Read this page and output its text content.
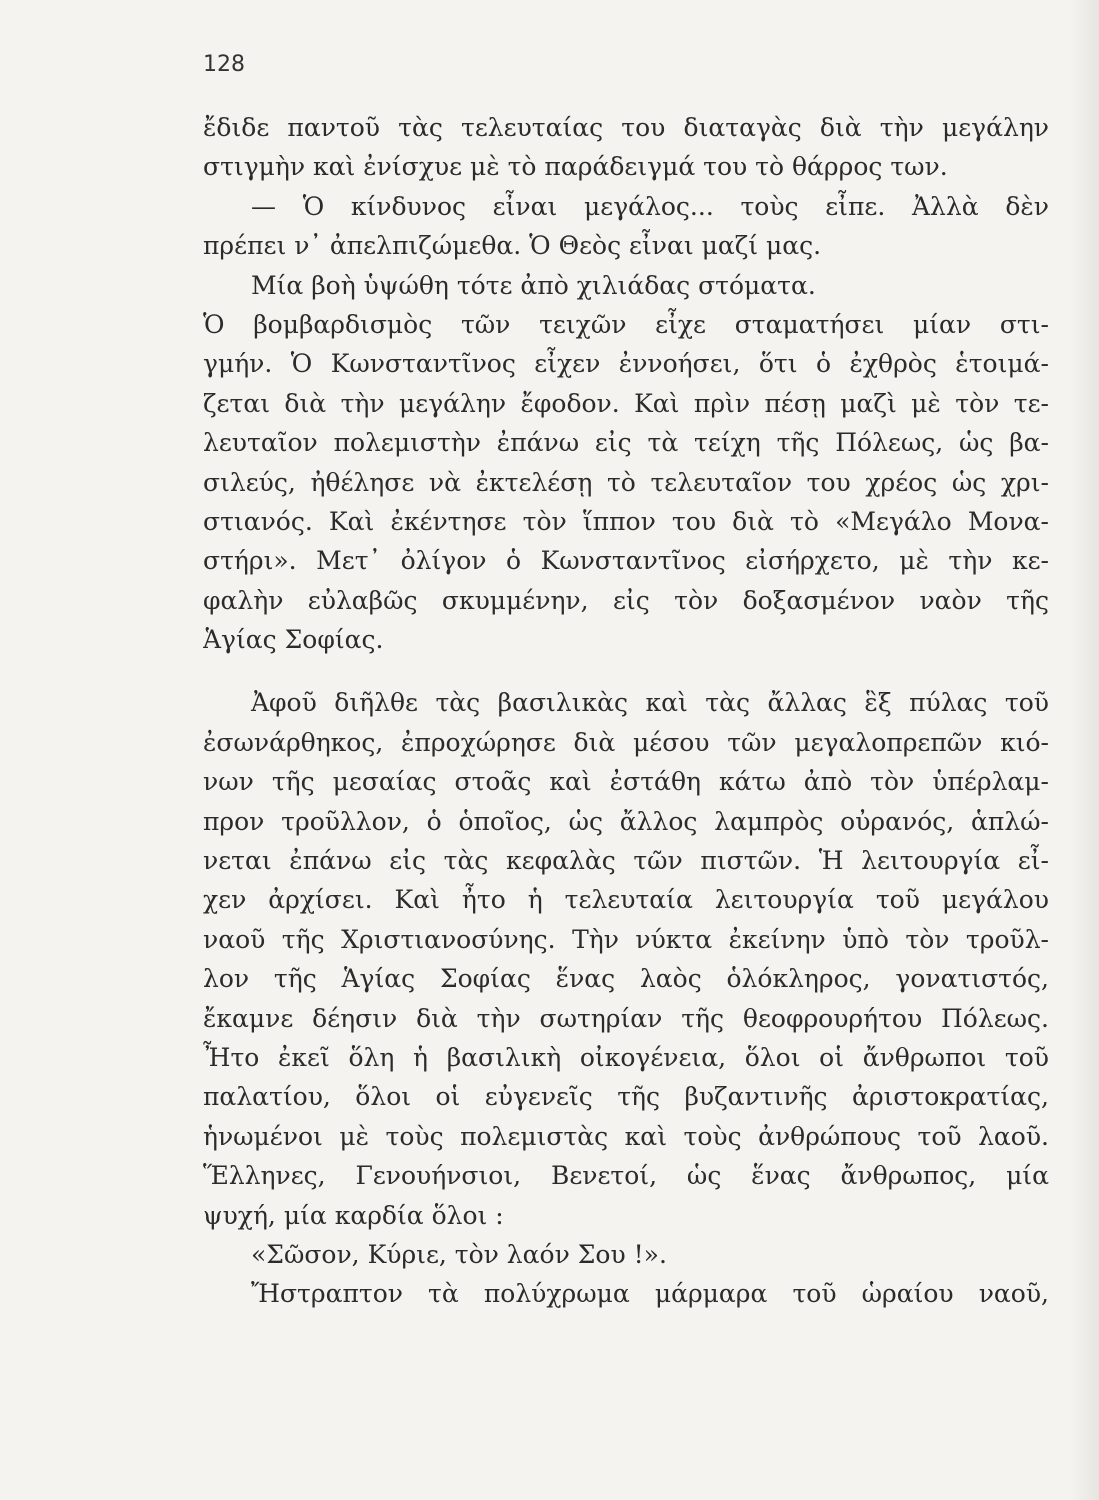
128
ἔδιδε παντοῦ τὰς τελευταίας του διαταγὰς διὰ τὴν μεγάλην
στιγμὴν καὶ ἐνίσχυε μὲ τὸ παράδειγμά του τὸ θάρρος των.
— Ὁ κίνδυνος εἶναι μεγάλος... τοὺς εἶπε. Ἀλλὰ δὲν
πρέπει ν᾿ ἀπελπιζώμεθα. Ὁ Θεὸς εἶναι μαζί μας.
Μία βοὴ ὑψώθη τότε ἀπὸ χιλιάδας στόματα.
Ὁ βομβαρδισμὸς τῶν τειχῶν εἶχε σταματήσει μίαν στι-
γμήν. Ὁ Κωνσταντῖνος εἶχεν ἐννοήσει, ὅτι ὁ ἐχθρὸς ἑτοιμά-
ζεται διὰ τὴν μεγάλην ἔφοδον. Καὶ πρὶν πέσῃ μαζὶ μὲ τὸν τε-
λευταῖον πολεμιστὴν ἐπάνω εἰς τὰ τείχη τῆς Πόλεως, ὡς βα-
σιλεύς, ἠθέλησε νὰ ἐκτελέσῃ τὸ τελευταῖον του χρέος ὡς χρι-
στιανός. Καὶ ἐκέντησε τὸν ἵππον του διὰ τὸ «Μεγάλο Μονα-
στήρι». Μετ᾿ ὀλίγον ὁ Κωνσταντῖνος εἰσήρχετο, μὲ τὴν κε-
φαλὴν εὐλαβῶς σκυμμένην, εἰς τὸν δοξασμένον ναὸν τῆς
Ἁγίας Σοφίας.
Ἀφοῦ διῆλθε τὰς βασιλικὰς καὶ τὰς ἄλλας ἓξ πύλας τοῦ
ἐσωνάρθηκος, ἐπροχώρησε διὰ μέσου τῶν μεγαλοπρεπῶν κιό-
νων τῆς μεσαίας στοᾶς καὶ ἐστάθη κάτω ἀπὸ τὸν ὑπέρλαμ-
προν τροῦλλον, ὁ ὁποῖος, ὡς ἄλλος λαμπρὸς οὐρανός, ἁπλώ-
νεται ἐπάνω εἰς τὰς κεφαλὰς τῶν πιστῶν. Ἡ λειτουργία εἶ-
χεν ἀρχίσει. Καὶ ἦτο ἡ τελευταία λειτουργία τοῦ μεγάλου
ναοῦ τῆς Χριστιανοσύνης. Τὴν νύκτα ἐκείνην ὑπὸ τὸν τροῦλ-
λον τῆς Ἁγίας Σοφίας ἕνας λαὸς ὁλόκληρος, γονατιστός,
ἔκαμνε δέησιν διὰ τὴν σωτηρίαν τῆς θεοφρουρήτου Πόλεως.
Ἦτο ἐκεῖ ὅλη ἡ βασιλικὴ οἰκογένεια, ὅλοι οἱ ἄνθρωποι τοῦ
παλατίου, ὅλοι οἱ εὐγενεῖς τῆς βυζαντινῆς ἀριστοκρατίας,
ἡνωμένοι μὲ τοὺς πολεμιστὰς καὶ τοὺς ἀνθρώπους τοῦ λαοῦ.
Ἕλληνες, Γενουήνσιοι, Βενετοί, ὡς ἕνας ἄνθρωπος, μία
ψυχή, μία καρδία ὅλοι :
«Σῶσον, Κύριε, τὸν λαόν Σου !».
Ἤστραπτον τὰ πολύχρωμα μάρμαρα τοῦ ὡραίου ναοῦ,
